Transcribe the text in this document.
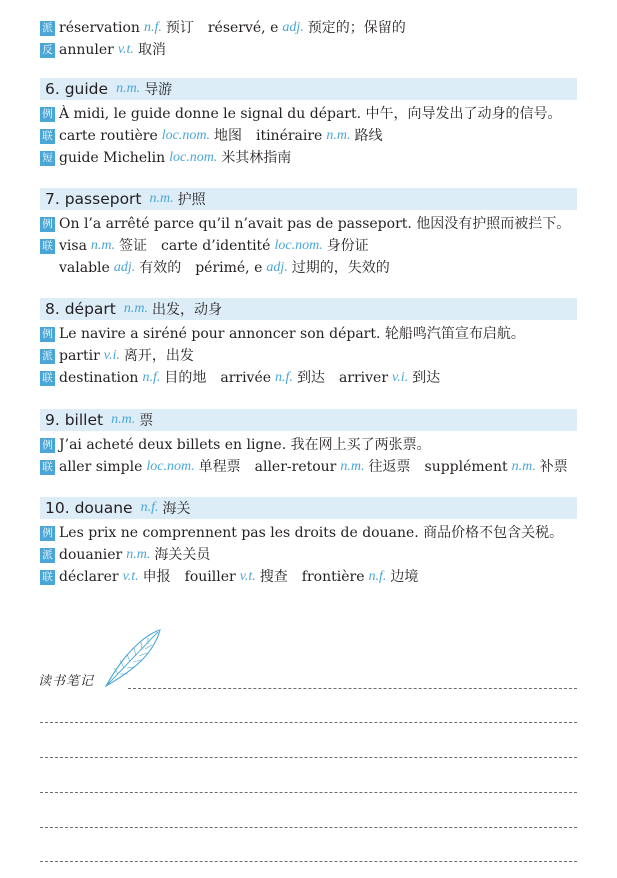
派 réservation n.f. 预订 réservé, e adj. 预定的；保留的
反 annuler v.t. 取消
6. guide n.m. 导游
例 À midi, le guide donne le signal du départ. 中午，向导发出了动身的信号。
联 carte routière loc.nom. 地图 itinéraire n.m. 路线
短 guide Michelin loc.nom. 米其林指南
7. passeport n.m. 护照
例 On l’a arrêté parce qu’il n’avait pas de passeport. 他因没有护照而被拦下。
联 visa n.m. 签证 carte d’identité loc.nom. 身份证
valable adj. 有效的 périmé, e adj. 过期的，失效的
8. départ n.m. 出发，动身
例 Le navire a siréné pour annoncer son départ. 轮船鸣汽笛宣布启航。
派 partir v.i. 离开，出发
联 destination n.f. 目的地 arrivée n.f. 到达 arriver v.i. 到达
9. billet n.m. 票
例 J’ai acheté deux billets en ligne. 我在网上买了两张票。
联 aller simple loc.nom. 单程票 aller-retour n.m. 往返票 supplément n.m. 补票
10. douane n.f. 海关
例 Les prix ne comprennent pas les droits de douane. 商品价格不包含关税。
派 douanier n.m. 海关关员
联 déclarer v.t. 申报 fouiller v.t. 搜查 frontière n.f. 边境
读书笔记
